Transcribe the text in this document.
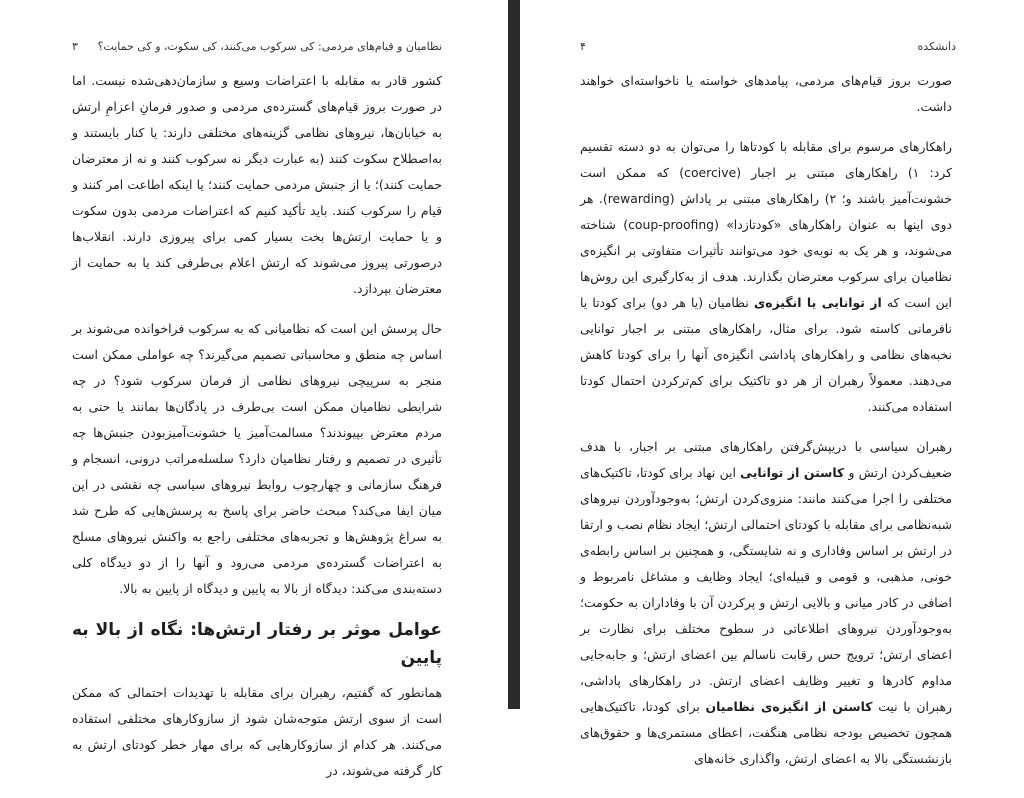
دانشکده
۴

صورت بروز قیام‌های مردمی، پیامدهای خواسته یا ناخواسته‌ای خواهند داشت.

راهکارهای مرسوم برای مقابله با کودتاها را می‌توان به دو دسته تقسیم کرد: ۱) راهکارهای مبتنی بر اجبار (coercive) که ممکن است خشونت‌آمیز باشند و؛ ۲) راهکارهای مبتنی بر پاداش (rewarding). هر دوی اینها به عنوان راهکارهای «کودتازدا» (coup-proofing) شناخته می‌شوند، و هر یک به نوبه‌ی خود می‌توانند تأثیرات متفاوتی بر انگیزه‌ی نظامیان برای سرکوب معترضان بگذارند. هدف از به‌کارگیری این روش‌ها این است که از توانایی یا انگیزه‌ی نظامیان (یا هر دو) برای کودتا یا نافرمانی کاسته شود. برای مثال، راهکارهای مبتنی بر اجبار توانایی نخبه‌های نظامی و راهکارهای پاداشی انگیزه‌ی آنها را برای کودتا کاهش می‌دهند. معمولاً رهبران از هر دو تاکتیک برای کم‌ترکردن احتمال کودتا استفاده می‌کنند.

رهبران سیاسی با دریپش‌گرفتن راهکارهای مبتنی بر اجبار، با هدف ضعیف‌کردن ارتش و کاستن از توانایی این نهاد برای کودتا، تاکتیک‌های مختلفی را اجرا می‌کنند مانند: منزوی‌کردن ارتش؛ به‌وجودآوردن نیروهای شبه‌نظامی برای مقابله با کودتای احتمالی ارتش؛ ایجاد نظام نصب و ارتقا در ارتش بر اساس وفاداری و نه شایستگی، و همچنین بر اساس رابطه‌ی خونی، مذهبی، و قومی و قبیله‌ای؛ ایجاد وظایف و مشاغل نامربوط و اضافی در کادر میانی و بالایی ارتش و پرکردن آن با وفاداران به حکومت؛ به‌وجودآوردن نیروهای اطلاعاتی در سطوح مختلف برای نظارت بر اعضای ارتش؛ ترویج حس رقابت ناسالم بین اعضای ارتش؛ و جابه‌جایی مداوم کادرها و تغییر وظایف اعضای ارتش. در راهکارهای پاداشی، رهبران با نیت کاستن از انگیزه‌ی نظامیان برای کودتا، تاکتیک‌هایی همچون تخصیص بودجه نظامی هنگفت، اعطای مستمری‌ها و حقوق‌های بازنشستگی بالا به اعضای ارتش، واگذاری خانه‌های

نظامیان و قیام‌های مردمی: کی سرکوب می‌کنند، کی سکوت، و کی حمایت؟
۳

کشور قادر به مقابله با اعتراضات وسیع و سازمان‌دهی‌شده نیست. اما در صورت بروز قیام‌های گسترده‌ی مردمی و صدور فرمانِ اعزامِ ارتش به خیابان‌ها، نیروهای نظامی گزینه‌های مختلفی دارند: یا کنار بایستند و به‌اصطلاح سکوت کنند (به عبارت دیگر نه سرکوب کنند و نه از معترضان حمایت کنند)؛ یا از جنبش مردمی حمایت کنند؛ یا اینکه اطاعت امر کنند و قیام را سرکوب کنند. باید تأکید کنیم که اعتراضات مردمی بدون سکوت و یا حمایت ارتش‌ها بخت بسیار کمی برای پیروزی دارند. انقلاب‌ها درصورتی پیروز می‌شوند که ارتش اعلام بی‌طرفی کند یا به حمایت از معترضان بپردازد.

حال پرسش این است که نظامیانی که به سرکوب فراخوانده می‌شوند بر اساس چه منطق و محاسباتی تصمیم می‌گیرند؟ چه عواملی ممکن است منجر به سرپیچی نیروهای نظامی از فرمان سرکوب شود؟ در چه شرایطی نظامیان ممکن است بی‌طرف در پادگان‌ها بمانند یا حتی به مردم معترض بپیوندند؟ مسالمت‌آمیز یا خشونت‌آمیزبودن جنبش‌ها چه تأثیری در تصمیم و رفتار نظامیان دارد؟ سلسله‌مراتب درونی، انسجام و فرهنگ سازمانی و چهارچوب روابط نیروهای سیاسی چه نقشی در این میان ایفا می‌کند؟ مبحث حاضر برای پاسخ به پرسش‌هایی که طرح شد به سراغ پژوهش‌ها و تجربه‌های مختلفی راجع به واکنش نیروهای مسلح به اعتراضات گسترده‌ی مردمی می‌رود و آنها را از دو دیدگاه کلی دسته‌بندی می‌کند: دیدگاه از بالا به پایین و دیدگاه از پایین به بالا.

عوامل موثر بر رفتار ارتش‌ها: نگاه از بالا به پایین

همانطور که گفتیم، رهبران برای مقابله با تهدیدات احتمالی که ممکن است از سوی ارتش متوجه‌شان شود از سازوکارهای مختلفی استفاده می‌کنند. هر کدام از سازوکارهایی که برای مهار خطر کودتای ارتش به کار گرفته می‌شوند، در
